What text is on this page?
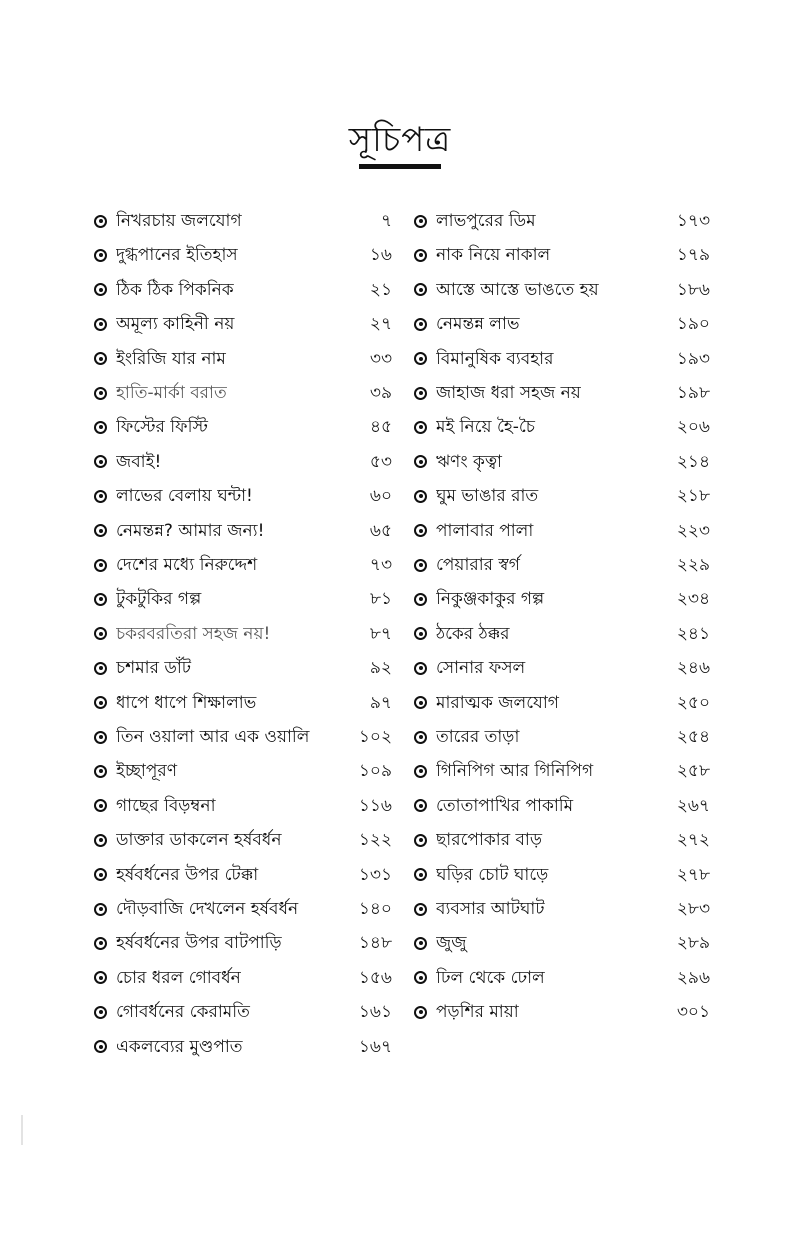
সূচিপত্র
নিখরচায় জলযোগ	৭
দুগ্ধপানের ইতিহাস	১৬
ঠিক ঠিক পিকনিক	২১
অমূল্য কাহিনী নয়	২৭
ইংরিজি যার নাম	৩৩
হাতি-মার্কা বরাত	৩৯
ফিস্টের ফিস্টি	৪৫
জবাই!	৫৩
লাভের বেলায় ঘন্টা!	৬০
নেমন্তন্ন? আমার জন্য!	৬৫
দেশের মধ্যে নিরুদ্দেশ	৭৩
টুকটুকির গল্প	৮১
চকরবরতিরা সহজ নয়!	৮৭
চশমার ডাঁট	৯২
ধাপে ধাপে শিক্ষালাভ	৯৭
তিন ওয়ালা আর এক ওয়ালি	১০২
ইচ্ছাপূরণ	১০৯
গাছের বিড়ম্বনা	১১৬
ডাক্তার ডাকলেন হর্ষবর্ধন	১২২
হর্ষবর্ধনের উপর টেক্কা	১৩১
দৌড়বাজি দেখলেন হর্ষবর্ধন	১৪০
হর্ষবর্ধনের উপর বাটপাড়ি	১৪৮
চোর ধরল গোবর্ধন	১৫৬
গোবর্ধনের কেরামতি	১৬১
একলব্যের মুণ্ডপাত	১৬৭
লাভপুরের ডিম	১৭৩
নাক নিয়ে নাকাল	১৭৯
আস্তে আস্তে ভাঙতে হয়	১৮৬
নেমন্তন্ন লাভ	১৯০
বিমানুষিক ব্যবহার	১৯৩
জাহাজ ধরা সহজ নয়	১৯৮
মই নিয়ে হৈ-চৈ	২০৬
ঋণং কৃত্বা	২১৪
ঘুম ভাঙার রাত	২১৮
পালাবার পালা	২২৩
পেয়ারার স্বর্গ	২২৯
নিকুঞ্জকাকুর গল্প	২৩৪
ঠকের ঠক্কর	২৪১
সোনার ফসল	২৪৬
মারাত্মক জলযোগ	২৫০
তারের তাড়া	২৫৪
গিনিপিগ আর গিনিপিগ	২৫৮
তোতাপাখির পাকামি	২৬৭
ছারপোকার বাড়	২৭২
ঘড়ির চোট ঘাড়ে	২৭৮
ব্যবসার আটঘাট	২৮৩
জুজু	২৮৯
ঢিল থেকে ঢোল	২৯৬
পড়শির মায়া	৩০১
